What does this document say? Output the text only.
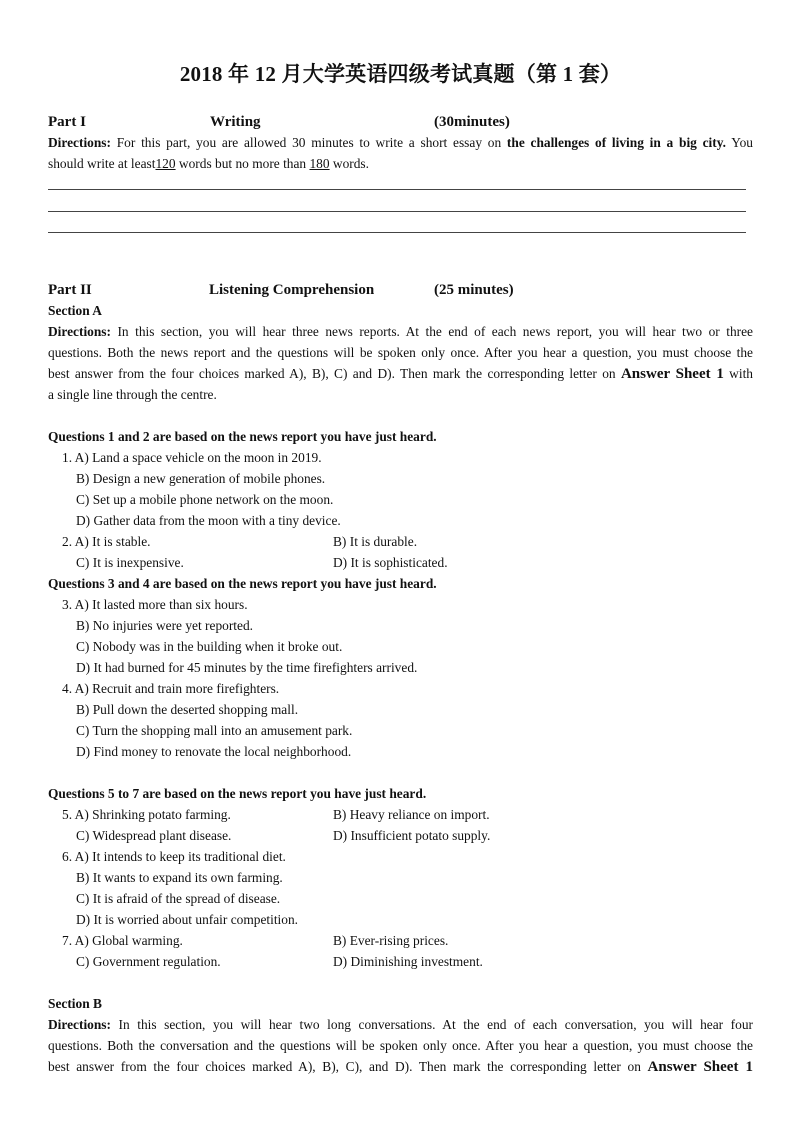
2018 年 12 月大学英语四级考试真题（第 1 套）
Part I	Writing	(30minutes)
Directions: For this part, you are allowed 30 minutes to write a short essay on the challenges of living in a big city. You
should write at least120 words but no more than 180 words.
Part II	Listening Comprehension	(25 minutes)
Section A
Directions: In this section, you will hear three news reports. At the end of each news report, you will hear two or three
questions. Both the news report and the questions will be spoken only once. After you hear a question, you must choose the
best answer from the four choices marked A), B), C) and D). Then mark the corresponding letter on Answer Sheet 1 with
a single line through the centre.
Questions 1 and 2 are based on the news report you have just heard.
1. A) Land a space vehicle on the moon in 2019.
B) Design a new generation of mobile phones.
C) Set up a mobile phone network on the moon.
D) Gather data from the moon with a tiny device.
2. A) It is stable.	B) It is durable.
C) It is inexpensive.	D) It is sophisticated.
Questions 3 and 4 are based on the news report you have just heard.
3. A) It lasted more than six hours.
B) No injuries were yet reported.
C) Nobody was in the building when it broke out.
D) It had burned for 45 minutes by the time firefighters arrived.
4. A) Recruit and train more firefighters.
B) Pull down the deserted shopping mall.
C) Turn the shopping mall into an amusement park.
D) Find money to renovate the local neighborhood.
Questions 5 to 7 are based on the news report you have just heard.
5. A) Shrinking potato farming.	B) Heavy reliance on import.
C) Widespread plant disease.	D) Insufficient potato supply.
6. A) It intends to keep its traditional diet.
B) It wants to expand its own farming.
C) It is afraid of the spread of disease.
D) It is worried about unfair competition.
7. A) Global warming.	B) Ever-rising prices.
C) Government regulation.	D) Diminishing investment.
Section B
Directions: In this section, you will hear two long conversations. At the end of each conversation, you will hear four
questions. Both the conversation and the questions will be spoken only once. After you hear a question, you must choose the
best answer from the four choices marked A), B), C), and D). Then mark the corresponding letter on Answer Sheet 1
